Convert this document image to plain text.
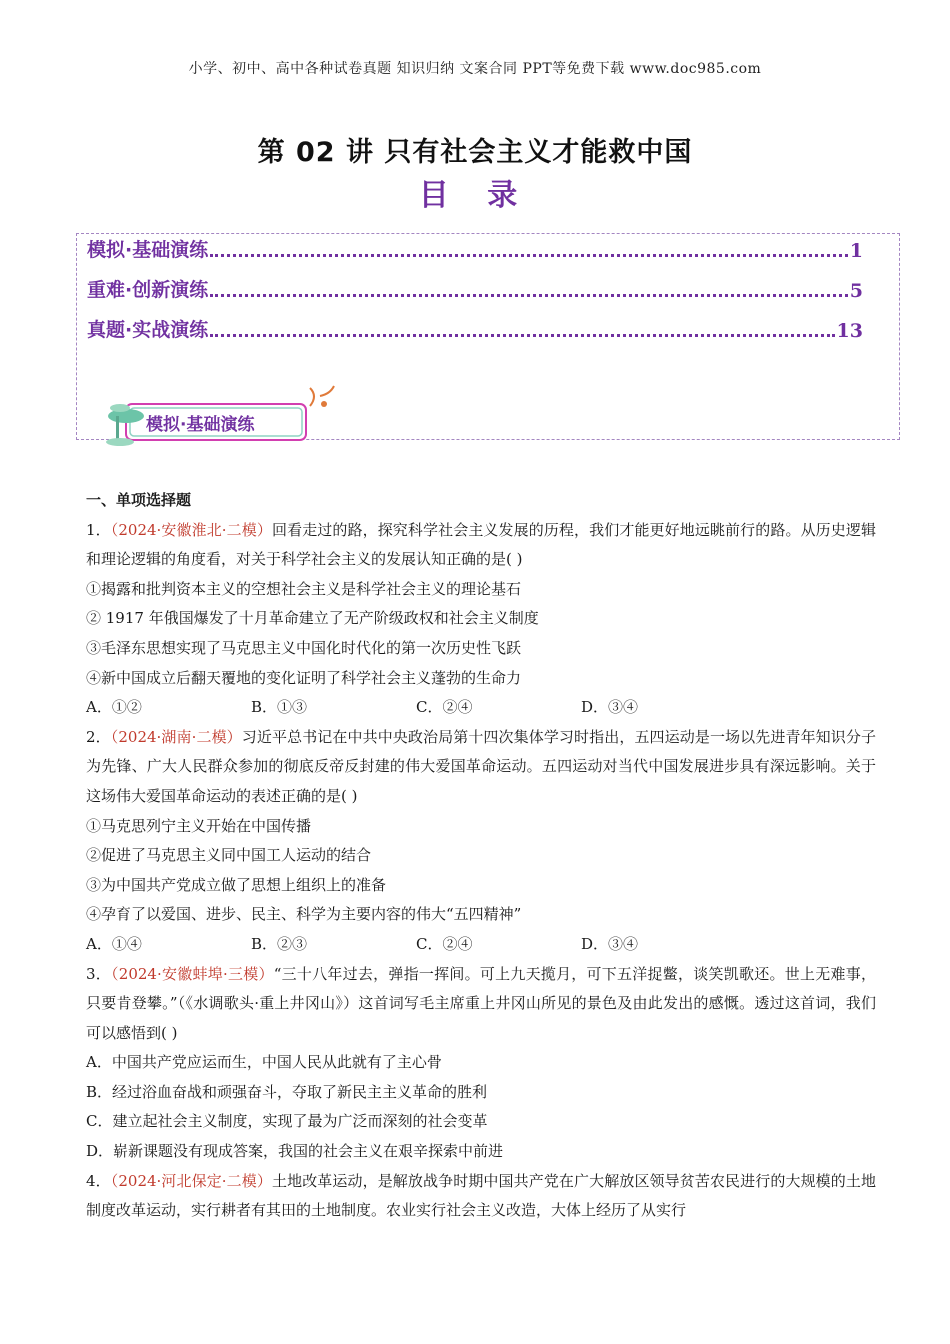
小学、初中、高中各种试卷真题 知识归纳 文案合同 PPT等免费下载 www.doc985.com
第 02 讲 只有社会主义才能救中国
目 录
模拟·基础演练	1
重难·创新演练	5
真题·实战演练	13
模拟·基础演练
一、单项选择题
1．（2024·安徽淮北·二模）回看走过的路，探究科学社会主义发展的历程，我们才能更好地远眺前行的路。从历史逻辑和理论逻辑的角度看，对关于科学社会主义的发展认知正确的是( )
①揭露和批判资本主义的空想社会主义是科学社会主义的理论基石
② 1917 年俄国爆发了十月革命建立了无产阶级政权和社会主义制度
③毛泽东思想实现了马克思主义中国化时代化的第一次历史性飞跃
④新中国成立后翻天覆地的变化证明了科学社会主义蓬勃的生命力
A．①②	B．①③	C．②④	D．③④
2．（2024·湖南·二模）习近平总书记在中共中央政治局第十四次集体学习时指出，五四运动是一场以先进青年知识分子为先锋、广大人民群众参加的彻底反帝反封建的伟大爱国革命运动。五四运动对当代中国发展进步具有深远影响。关于这场伟大爱国革命运动的表述正确的是( )
①马克思列宁主义开始在中国传播
②促进了马克思主义同中国工人运动的结合
③为中国共产党成立做了思想上组织上的准备
④孕育了以爱国、进步、民主、科学为主要内容的伟大“五四精神”
A．①④	B．②③	C．②④	D．③④
3．（2024·安徽蚌埠·三模）“三十八年过去，弹指一挥间。可上九天揽月，可下五洋捉鳖，谈笑凯歌还。世上无难事，只要肯登攀。”（《水调歌头·重上井冈山》）这首词写毛主席重上井冈山所见的景色及由此发出的感慨。透过这首词，我们可以感悟到( )
A．中国共产党应运而生，中国人民从此就有了主心骨
B．经过浴血奋战和顽强奋斗，夺取了新民主主义革命的胜利
C．建立起社会主义制度，实现了最为广泛而深刻的社会变革
D．崭新课题没有现成答案，我国的社会主义在艰辛探索中前进
4．（2024·河北保定·二模）土地改革运动，是解放战争时期中国共产党在广大解放区领导贫苦农民进行的大规模的土地制度改革运动，实行耕者有其田的土地制度。农业实行社会主义改造，大体上经历了从实行
